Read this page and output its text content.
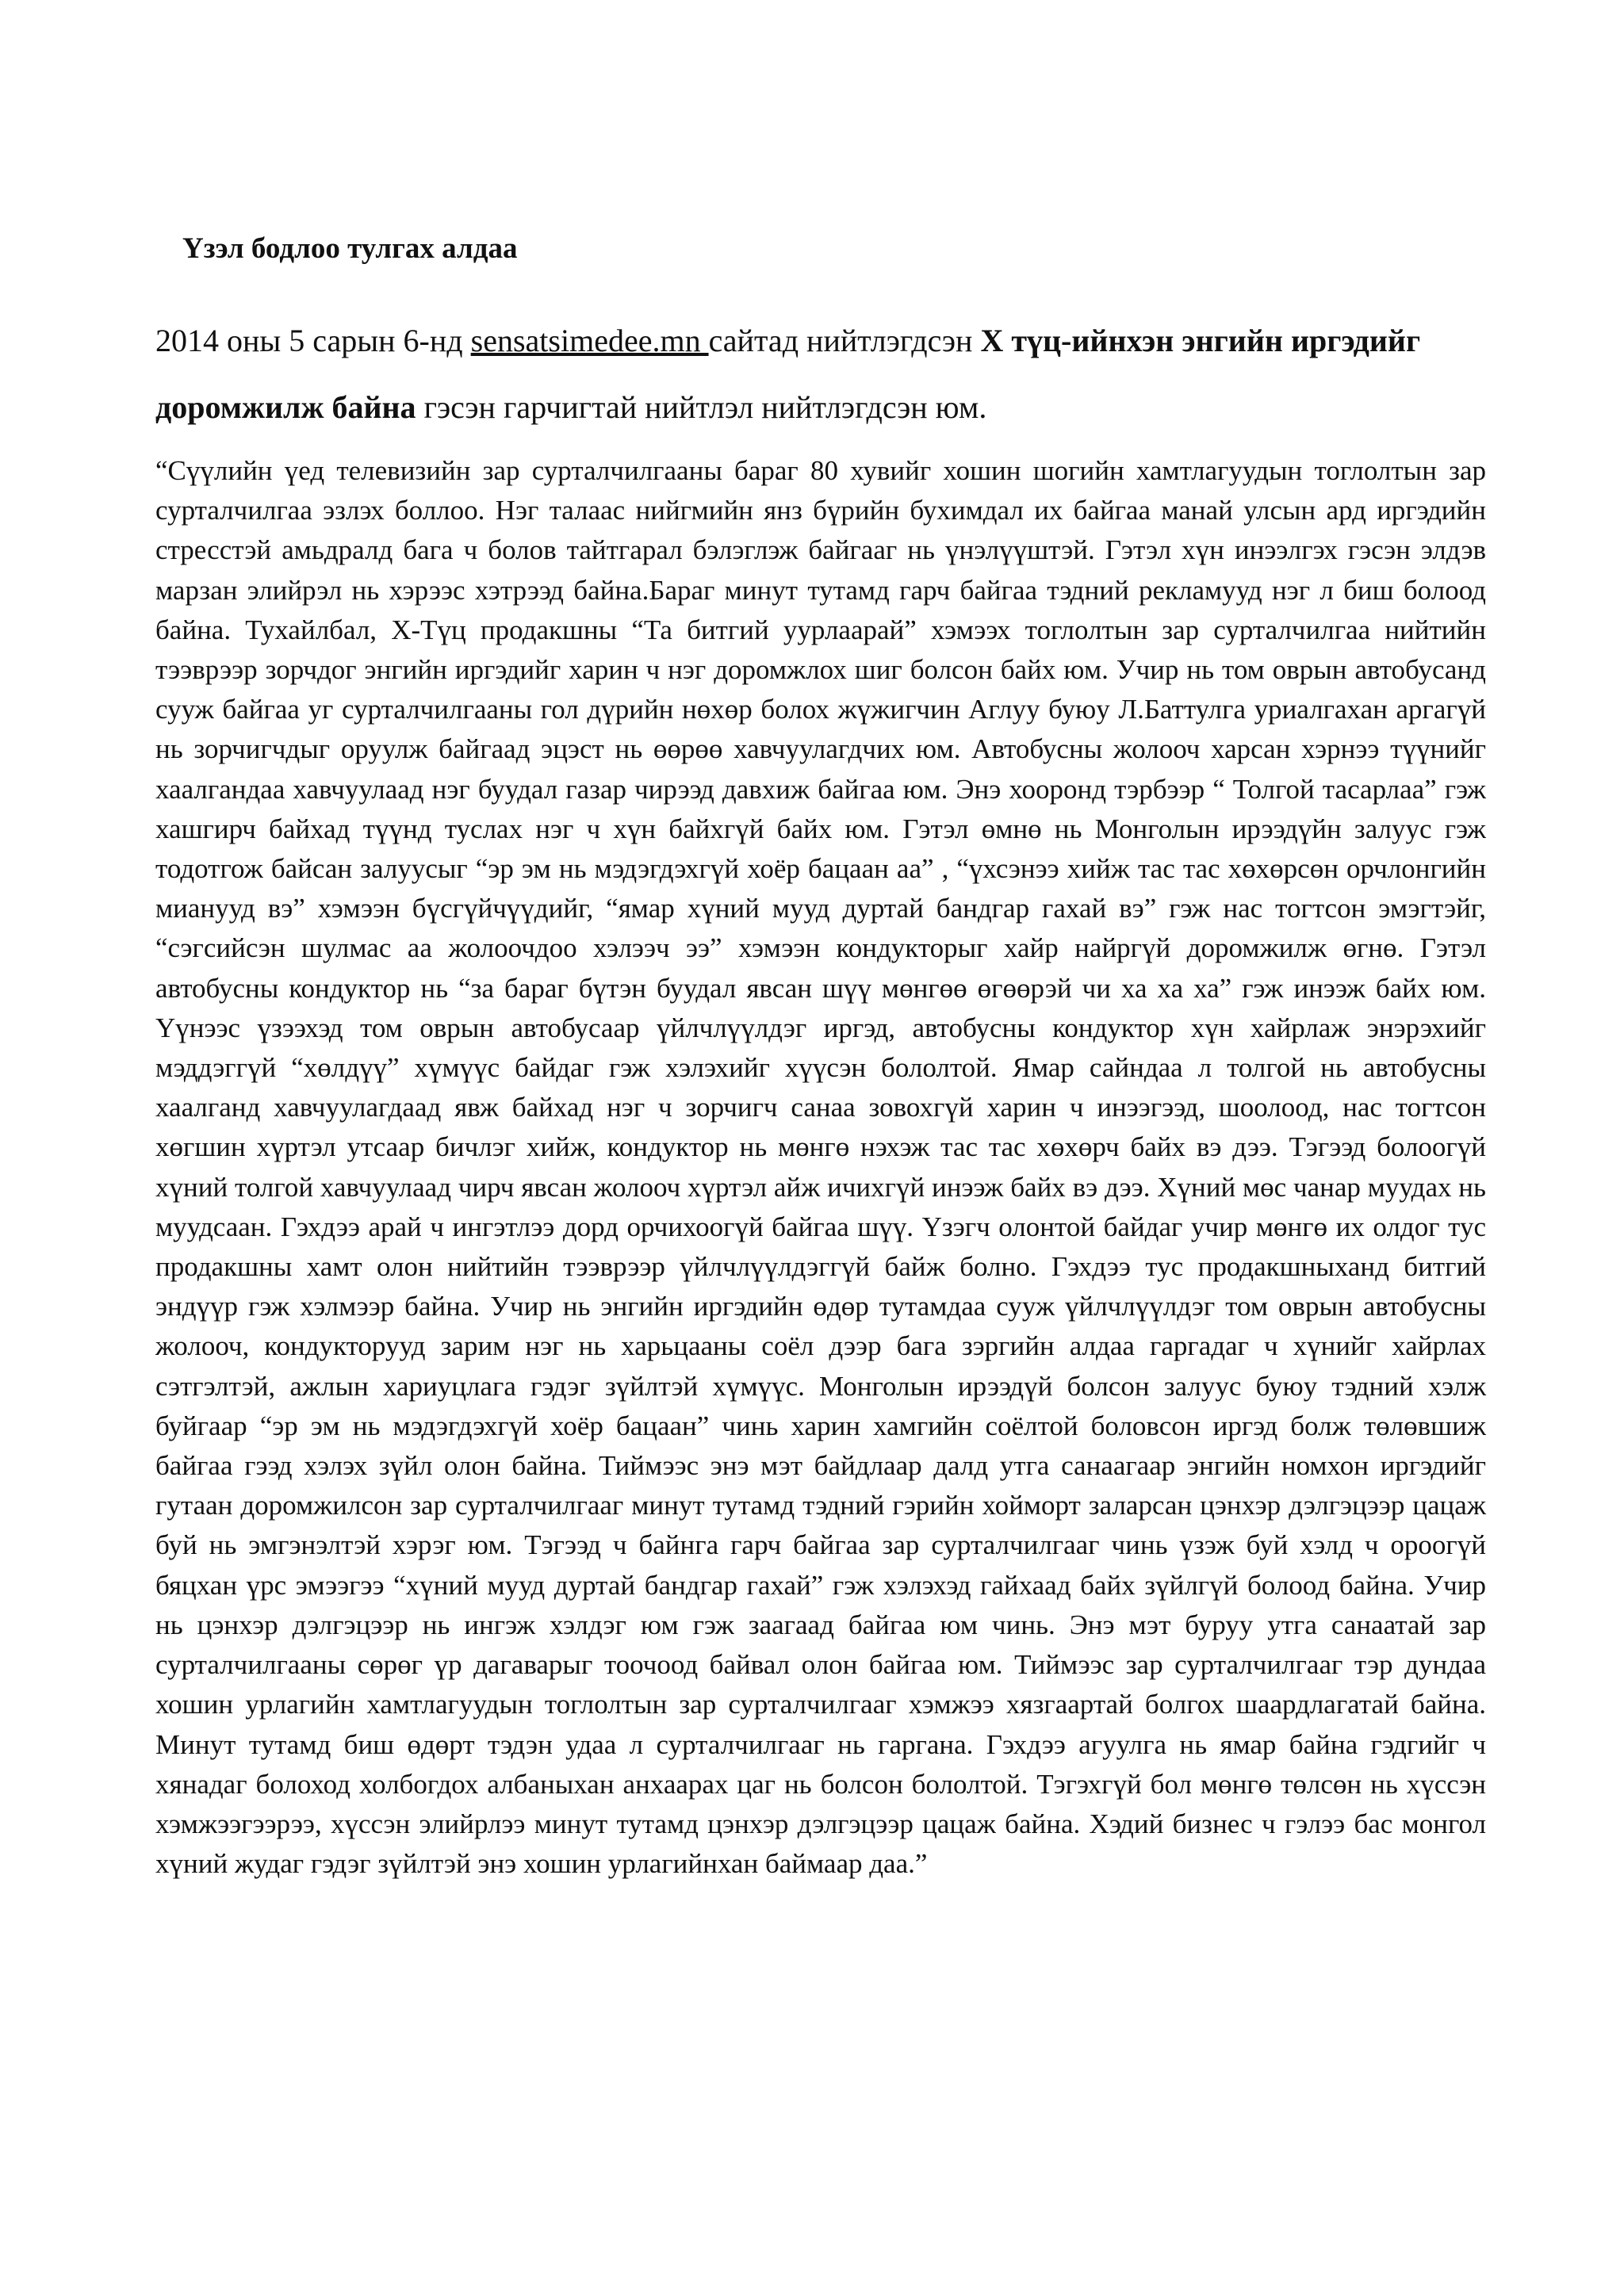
Үзэл бодлоо тулгах алдаа

2014 оны 5 сарын 6-нд sensatsimedee.mn сайтад нийтлэгдсэн Х түц-ийнхэн энгийн иргэдийг доромжилж байна гэсэн гарчигтай нийтлэл нийтлэгдсэн юм.

“Сүүлийн үед телевизийн зар сурталчилгааны бараг 80 хувийг хошин шогийн хамтлагуудын тоглолтын зар сурталчилгаа эзлэх боллоо. Нэг талаас нийгмийн янз бүрийн бухимдал их байгаа манай улсын ард иргэдийн стресстэй амьдралд бага ч болов тайтгарал бэлэглэж байгааг нь үнэлүүштэй. Гэтэл хүн инээлгэх гэсэн элдэв марзан элийрэл нь хэрээс хэтрээд байна.Бараг минут тутамд гарч байгаа тэдний рекламууд нэг л биш болоод байна. Тухайлбал, Х-Түц продакшны “Та битгий уурлаарай” хэмээх тоглолтын зар сурталчилгаа нийтийн тээврээр зорчдог энгийн иргэдийг харин ч нэг доромжлох шиг болсон байх юм. Учир нь том оврын автобусанд сууж байгаа уг сурталчилгааны гол дүрийн нөхөр болох жүжигчин Аглуу буюу Л.Баттулга уриалгахан аргагүй нь зорчигчдыг оруулж байгаад эцэст нь өөрөө хавчуулагдчих юм. Автобусны жолооч харсан хэрнээ түүнийг хаалгандаа хавчуулаад нэг буудал газар чирээд давхиж байгаа юм. Энэ хооронд тэрбээр “ Толгой тасарлаа” гэж хашгирч байхад түүнд туслах нэг ч хүн байхгүй байх юм. Гэтэл өмнө нь Монголын ирээдүйн залуус гэж тодотгож байсан залуусыг “эр эм нь мэдэгдэхгүй хоёр бацаан аа” , “үхсэнээ хийж тас тас хөхөрсөн орчлонгийн мианууд вэ” хэмээн бүсгүйчүүдийг, “ямар хүний мууд дуртай бандгар гахай вэ” гэж нас тогтсон эмэгтэйг, “сэгсийсэн шулмас аа жолоочдоо хэлээч ээ” хэмээн кондукторыг хайр найргүй доромжилж өгнө. Гэтэл автобусны кондуктор нь “за бараг бүтэн буудал явсан шүү мөнгөө өгөөрэй чи ха ха ха” гэж инээж байх юм. Үүнээс үзээхэд том оврын автобусаар үйлчлүүлдэг иргэд, автобусны кондуктор хүн хайрлаж энэрэхийг мэддэггүй “хөлдүү” хүмүүс байдаг гэж хэлэхийг хүүсэн бололтой. Ямар сайндаа л толгой нь автобусны хаалганд хавчуулагдаад явж байхад нэг ч зорчигч санаа зовохгүй харин ч инээгээд, шоолоод, нас тогтсон хөгшин хүртэл утсаар бичлэг хийж, кондуктор нь мөнгө нэхэж тас тас хөхөрч байх вэ дээ. Тэгээд болоогүй хүний толгой хавчуулаад чирч явсан жолооч хүртэл айж ичихгүй инээж байх вэ дээ. Хүний мөс чанар муудах нь муудсаан. Гэхдээ арай ч ингэтлээ дорд орчихоогүй байгаа шүү. Үзэгч олонтой байдаг учир мөнгө их олдог тус продакшны хамт олон нийтийн тээврээр үйлчлүүлдэггүй байж болно. Гэхдээ тус продакшныханд битгий эндүүр гэж хэлмээр байна. Учир нь энгийн иргэдийн өдөр тутамдаа сууж үйлчлүүлдэг том оврын автобусны жолооч, кондукторууд зарим нэг нь харьцааны соёл дээр бага зэргийн алдаа гаргадаг ч хүнийг хайрлах сэтгэлтэй, ажлын хариуцлага гэдэг зүйлтэй хүмүүс. Монголын ирээдүй болсон залуус буюу тэдний хэлж буйгаар “эр эм нь мэдэгдэхгүй хоёр бацаан” чинь харин хамгийн соёлтой боловсон иргэд болж төлөвшиж байгаа гээд хэлэх зүйл олон байна. Тиймээс энэ мэт байдлаар далд утга санаагаар энгийн номхон иргэдийг гутаан доромжилсон зар сурталчилгааг минут тутамд тэдний гэрийн хойморт заларсан цэнхэр дэлгэцээр цацаж буй нь эмгэнэлтэй хэрэг юм. Тэгээд ч байнга гарч байгаа зар сурталчилгааг чинь үзэж буй хэлд ч ороогүй бяцхан үрс эмээгээ “хүний мууд дуртай бандгар гахай” гэж хэлэхэд гайхаад байх зүйлгүй болоод байна. Учир нь цэнхэр дэлгэцээр нь ингэж хэлдэг юм гэж заагаад байгаа юм чинь. Энэ мэт буруу утга санаатай зар сурталчилгааны сөрөг үр дагаварыг тоочоод байвал олон байгаа юм. Тиймээс зар сурталчилгааг тэр дундаа хошин урлагийн хамтлагуудын тоглолтын зар сурталчилгааг хэмжээ хязгаартай болгох шаардлагатай байна. Минут тутамд биш өдөрт тэдэн удаа л сурталчилгааг нь гаргана. Гэхдээ агуулга нь ямар байна гэдгийг ч хянадаг болоход холбогдох албаныхан анхаарах цаг нь болсон бололтой. Тэгэхгүй бол мөнгө төлсөн нь хүссэн хэмжээгээрээ, хүссэн элийрлээ минут тутамд цэнхэр дэлгэцээр цацаж байна. Хэдий бизнес ч гэлээ бас монгол хүний жудаг гэдэг зүйлтэй энэ хошин урлагийнхан баймаар даа.”
